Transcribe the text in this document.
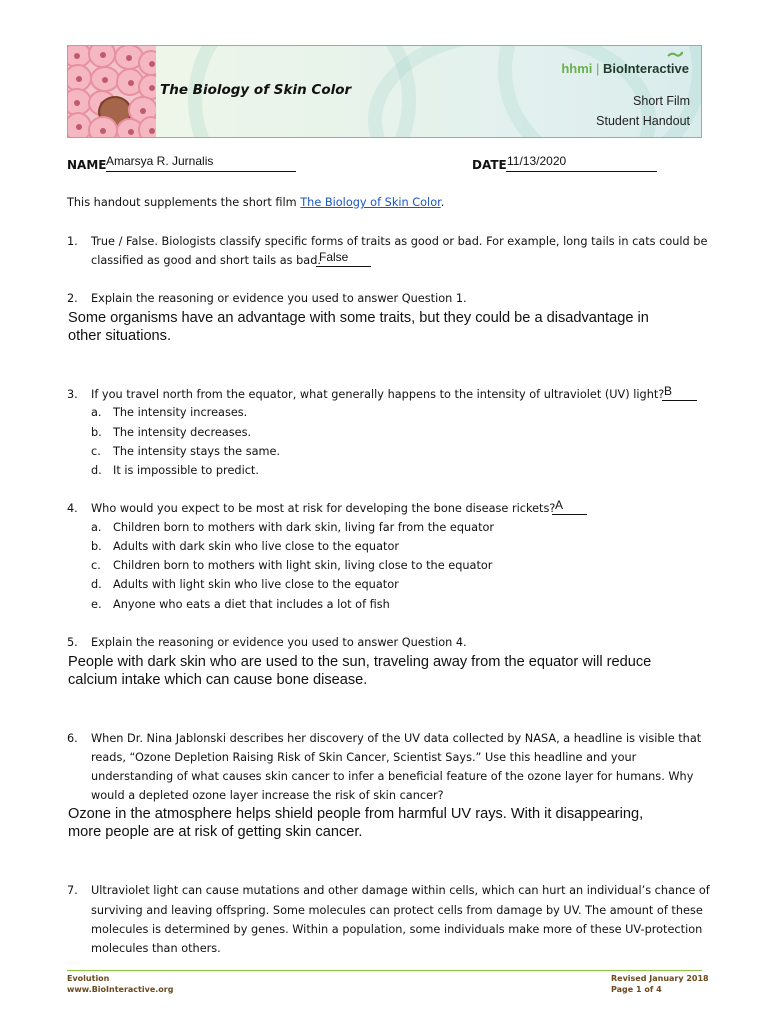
The Biology of Skin Color
hhmi | BioInteractive
Short Film
Student Handout
NAME Amarsya R. Jurnalis	DATE 11/13/2020
This handout supplements the short film The Biology of Skin Color.
1. True / False. Biologists classify specific forms of traits as good or bad. For example, long tails in cats could be
classified as good and short tails as bad.
False
2. Explain the reasoning or evidence you used to answer Question 1.
Some organisms have an advantage with some traits, but they could be a disadvantage in
other situations.
3. If you travel north from the equator, what generally happens to the intensity of ultraviolet (UV) light? B
a. The intensity increases.
b. The intensity decreases.
c. The intensity stays the same.
d. It is impossible to predict.
4. Who would you expect to be most at risk for developing the bone disease rickets? A
a. Children born to mothers with dark skin, living far from the equator
b. Adults with dark skin who live close to the equator
c. Children born to mothers with light skin, living close to the equator
d. Adults with light skin who live close to the equator
e. Anyone who eats a diet that includes a lot of fish
5. Explain the reasoning or evidence you used to answer Question 4.
People with dark skin who are used to the sun, traveling away from the equator will reduce
calcium intake which can cause bone disease.
6. When Dr. Nina Jablonski describes her discovery of the UV data collected by NASA, a headline is visible that
reads, “Ozone Depletion Raising Risk of Skin Cancer, Scientist Says.” Use this headline and your
understanding of what causes skin cancer to infer a beneficial feature of the ozone layer for humans. Why
would a depleted ozone layer increase the risk of skin cancer?
Ozone in the atmosphere helps shield people from harmful UV rays. With it disappearing,
more people are at risk of getting skin cancer.
7. Ultraviolet light can cause mutations and other damage within cells, which can hurt an individual’s chance of
surviving and leaving offspring. Some molecules can protect cells from damage by UV. The amount of these
molecules is determined by genes. Within a population, some individuals make more of these UV-protection
molecules than others.
Evolution
www.BioInteractive.org
Revised January 2018
Page 1 of 4
